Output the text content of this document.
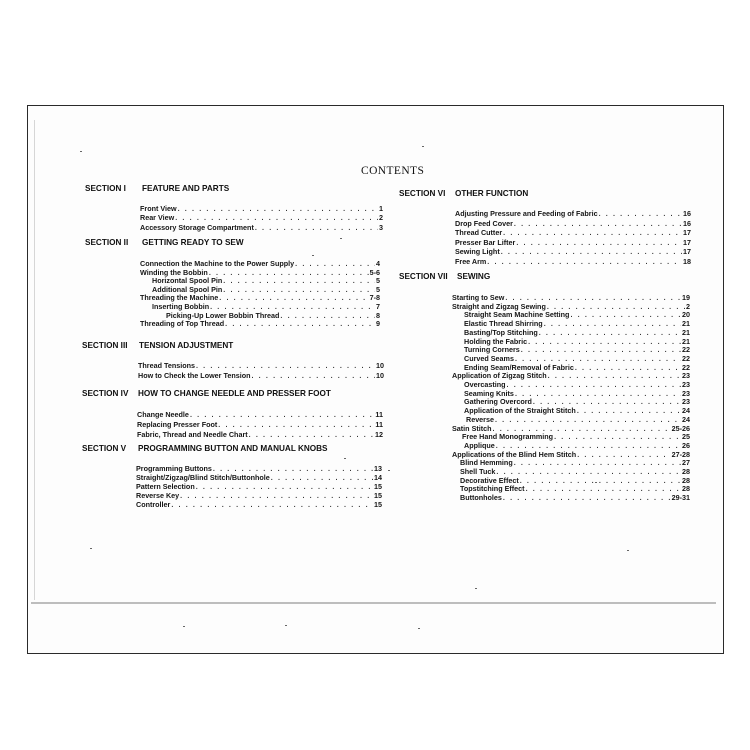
CONTENTS
SECTION I FEATURE AND PARTS
Front View . . .	1
Rear View . . .	2
Accessory Storage Compartment . . .	3
SECTION II GETTING READY TO SEW
Connection the Machine to the Power Supply . . .	4
Winding the Bobbin . . .	5-6
Horizontal Spool Pin . . .	5
Additional Spool Pin . . .	5
Threading the Machine . . .	7-8
Inserting Bobbin . . .	7
Picking-Up Lower Bobbin Thread . . .	8
Threading of Top Thread . . .	9
SECTION III TENSION ADJUSTMENT
Thread Tensions . . .	10
How to Check the Lower Tension . . .	10
SECTION IV HOW TO CHANGE NEEDLE AND PRESSER FOOT
Change Needle . . .	11
Replacing Presser Foot . . .	11
Fabric, Thread and Needle Chart . . .	12
SECTION V PROGRAMMING BUTTON AND MANUAL KNOBS
Programming Buttons . . .	13
Straight/Zigzag/Blind Stitch/Buttonhole . . .	14
Pattern Selection . . .	15
Reverse Key . . .	15
Controller . . .	15
SECTION VI OTHER FUNCTION
Adjusting Pressure and Feeding of Fabric . . .	16
Drop Feed Cover . . .	16
Thread Cutter . . .	17
Presser Bar Lifter . . .	17
Sewing Light . . .	17
Free Arm . . .	18
SECTION VII SEWING
Starting to Sew . . .	19
Straight and Zigzag Sewing . . .	2
Straight Seam Machine Setting . . .	20
Elastic Thread Shirring . . .	21
Basting/Top Stitching . . .	21
Holding the Fabric . . .	21
Turning Corners . . .	22
Curved Seams . . .	22
Ending Seam/Removal of Fabric . . .	22
Application of Zigzag Stitch . . .	23
Overcasting . . .	23
Seaming Knits . . .	23
Gathering Overcord . . .	23
Application of the Straight Stitch . . .	24
Reverse . . .	24
Satin Stitch . . .	25-26
Free Hand Monogramming . . .	25
Applique . . .	26
Applications of the Blind Hem Stitch . . .	27-28
Blind Hemming . . .	27
Shell Tuck . . .	28
Decorative Effect . . .	28
Topstitching Effect . . .	28
Buttonholes . . .	29-31
